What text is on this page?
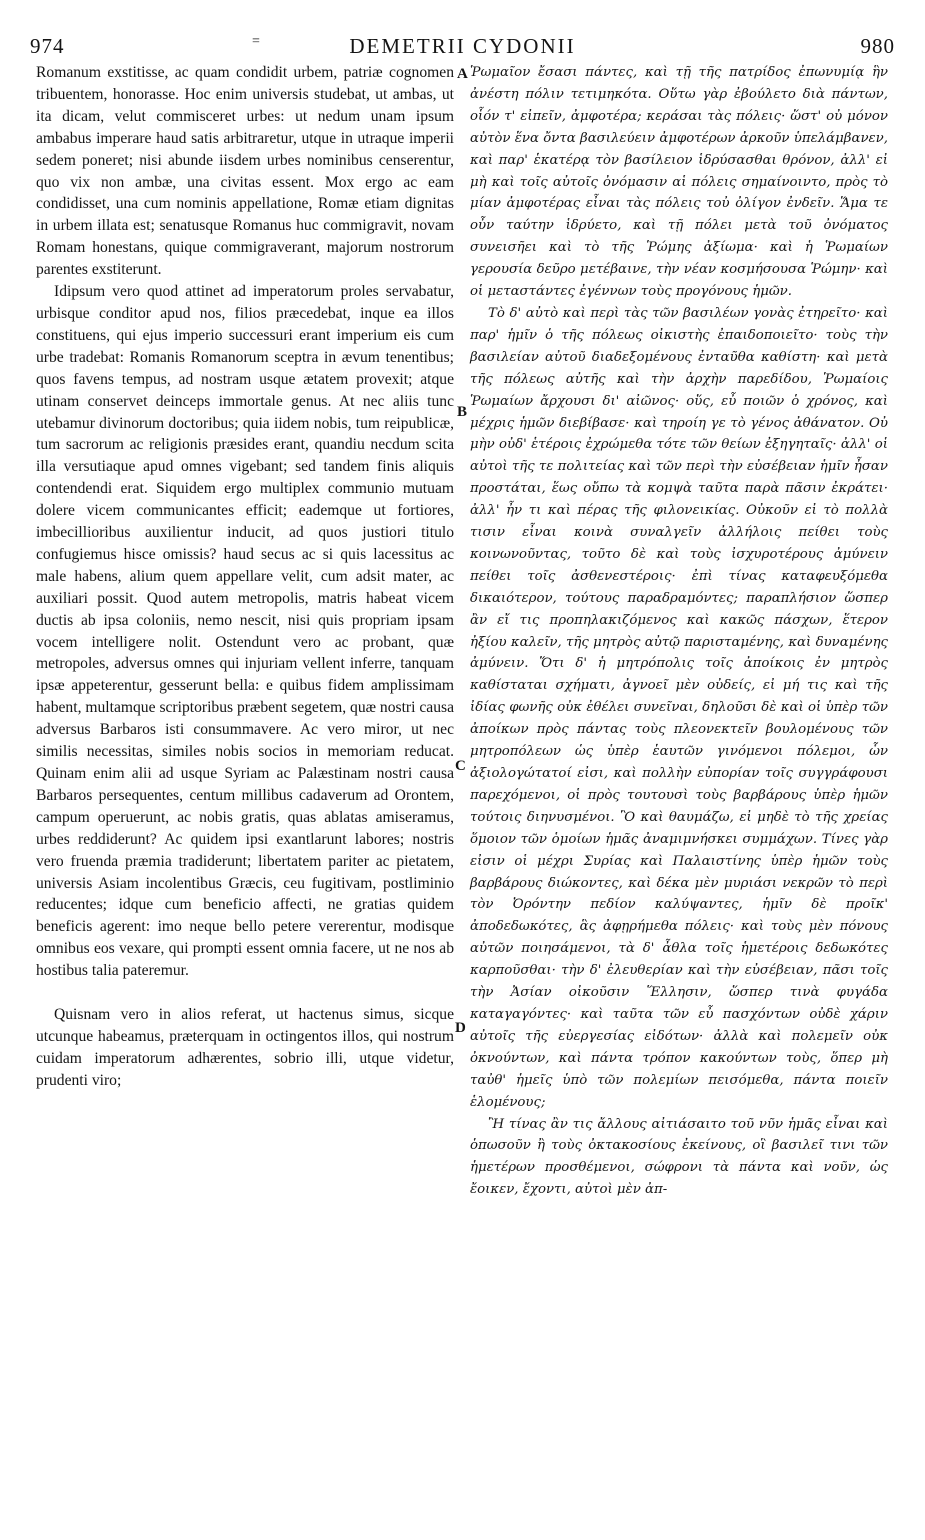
974	=	DEMETRII CYDONII	980

Romanum exstitisse, ac quam condidit urbem, patriæ cognomen tribuentem, honorasse. Hoc enim universis studebat, ut ambas, ut ita dicam, velut commisceret urbes: ut nedum unam ipsum ambabus imperare haud satis arbitraretur, utque in utraque imperii sedem poneret; nisi abunde iisdem urbes nominibus censerentur, quo vix non ambæ, una civitas essent. Mox ergo ac eam condidisset, una cum nominis appellatione, Romæ etiam dignitas in urbem illata est; senatusque Romanus huc commigravit, novam Romam honestans, quique commigraverant, majorum nostrorum parentes exstiterunt.

Idipsum vero quod attinet ad imperatorum proles servabatur, urbisque conditor apud nos, filios præcedebat, inque ea illos constituens, qui ejus imperio successuri erant imperium eis cum urbe tradebat: Romanis Romanorum sceptra in ævum tenentibus; quos favens tempus, ad nostram usque ætatem provexit; atque utinam conservet deinceps immortale genus. At nec aliis tunc utebamur divinorum doctoribus; quia iidem nobis, tum reipublicæ, tum sacrorum ac religionis præsides erant, quandiu necdum scita illa versutiaque apud omnes vigebant; sed tandem finis aliquis contendendi erat. Siquidem ergo multiplex communio mutuam dolere vicem communicantes efficit; eademque ut fortiores, imbecillioribus auxilientur inducit, ad quos justiori titulo confugiemus hisce omissis? haud secus ac si quis lacessitus ac male habens, alium quem appellare velit, cum adsit mater, ac auxiliari possit. Quod autem metropolis, matris habeat vicem ductis ab ipsa coloniis, nemo nescit, nisi quis propriam ipsam vocem intelligere nolit. Ostendunt vero ac probant, quæ metropoles, adversus omnes qui injuriam vellent inferre, tanquam ipsæ appeterentur, gesserunt bella: e quibus fidem amplissimam habent, multamque scriptoribus præbent segetem, quæ nostri causa adversus Barbaros isti consummavere. Ac vero miror, ut nec similis necessitas, similes nobis socios in memoriam reducat. Quinam enim alii ad usque Syriam ac Palæstinam nostri causa Barbaros persequentes, centum millibus cadaverum ad Orontem, campum operuerunt, ac nobis gratis, quas ablatas amiseramus, urbes reddiderunt? Ac quidem ipsi exantlarunt labores; nostris vero fruenda præmia tradiderunt; libertatem pariter ac pietatem, universis Asiam incolentibus Græcis, ceu fugitivam, postliminio reducentes; idque cum beneficio affecti, ne gratias quidem beneficis agerent: imo neque bello petere vererentur, modisque omnibus eos vexare, qui prompti essent omnia facere, ut ne nos ab hostibus talia pateremur.

Quisnam vero in alios referat, ut hactenus simus, sicque utcunque habeamus, præterquam in octingentos illos, qui nostrum cuidam imperatorum adhærentes, sobrio illi, utque videtur, prudenti viro;

A
B
C
D

Ῥωμαῖον ἔσασι πάντες, καὶ τῇ τῆς πατρίδος ἐπωνυμίᾳ ἣν ἀνέστη πόλιν τετιμηκότα. Οὕτω γὰρ ἐβούλετο διὰ πάντων, οἷόν τ' εἰπεῖν, ἀμφοτέρα; κεράσαι τὰς πόλεις· ὥστ' οὐ μόνον αὐτὸν ἕνα ὄντα βασιλεύειν ἀμφοτέρων ἀρκοῦν ὑπελάμβανεν, καὶ παρ' ἑκατέρᾳ τὸν βασίλειον ἱδρύσασθαι θρόνον, ἀλλ' εἰ μὴ καὶ τοῖς αὐτοῖς ὀνόμασιν αἱ πόλεις σημαίνοιντο, πρὸς τὸ μίαν ἀμφοτέρας εἶναι τὰς πόλεις τοὐ ὀλίγον ἐνδεῖν. Ἅμα τε οὖν ταύτην ἱδρύετο, καὶ τῇ πόλει μετὰ τοῦ ὀνόματος συνεισῆει καὶ τὸ τῆς Ῥώμης ἀξίωμα· καὶ ἡ Ῥωμαίων γερουσία δεῦρο μετέβαινε, τὴν νέαν κοσμήσουσα Ῥώμην· καὶ οἱ μεταστάντες ἐγέννων τοὺς προγόνους ἡμῶν.

Τὸ δ' αὐτὸ καὶ περὶ τὰς τῶν βασιλέων γονὰς ἐτηρεῖτο· καὶ παρ' ἡμῖν ὁ τῆς πόλεως οἰκιστὴς ἐπαιδοποιεῖτο· τοὺς τὴν βασιλείαν αὐτοῦ διαδεξομένους ἐνταῦθα καθίστη· καὶ μετὰ τῆς πόλεως αὐτῆς καὶ τὴν ἀρχὴν παρεδίδου, Ῥωμαίοις Ῥωμαίων ἄρχουσι δι' αἰῶνος· οὕς, εὖ ποιῶν ὁ χρόνος, καὶ μέχρις ἡμῶν διεβίβασε· καὶ τηροίη γε τὸ γένος ἀθάνατον. Οὐ μὴν οὐδ' ἑτέροις ἐχρώμεθα τότε τῶν θείων ἐξηγηταῖς· ἀλλ' οἱ αὐτοὶ τῆς τε πολιτείας καὶ τῶν περὶ τὴν εὐσέβειαν ἡμῖν ἦσαν προστάται, ἕως οὔπω τὰ κομψὰ ταῦτα παρὰ πᾶσιν ἐκράτει· ἀλλ' ἦν τι καὶ πέρας τῆς φιλονεικίας. Οὐκοῦν εἰ τὸ πολλὰ τισιν εἶναι κοινὰ συναλγεῖν ἀλλήλοις πείθει τοὺς κοινωνοῦντας, τοῦτο δὲ καὶ τοὺς ἰσχυροτέρους ἀμύνειν πείθει τοῖς ἀσθενεστέροις· ἐπὶ τίνας καταφευξόμεθα δικαιότερον, τούτους παραδραμόντες; παραπλήσιον ὥσπερ ἂν εἴ τις προπηλακιζόμενος καὶ κακῶς πάσχων, ἕτερον ἠξίου καλεῖν, τῆς μητρὸς αὐτῷ παρισταμένης, καὶ δυναμένης ἀμύνειν. Ὅτι δ' ἡ μητρόπολις τοῖς ἀποίκοις ἐν μητρὸς καθίσταται σχήματι, ἀγνοεῖ μὲν οὐδείς, εἰ μή τις καὶ τῆς ἰδίας φωνῆς οὐκ ἐθέλει συνεῖναι, δηλοῦσι δὲ καὶ οἱ ὑπὲρ τῶν ἀποίκων πρὸς πάντας τοὺς πλεονεκτεῖν βουλομένους τῶν μητροπόλεων ὡς ὑπὲρ ἑαυτῶν γινόμενοι πόλεμοι, ὧν ἀξιολογώτατοί εἰσι, καὶ πολλὴν εὐπορίαν τοῖς συγγράφουσι παρεχόμενοι, οἱ πρὸς τουτουσὶ τοὺς βαρβάρους ὑπὲρ ἡμῶν τούτοις διηνυσμένοι. Ὃ καὶ θαυμάζω, εἰ μηδὲ τὸ τῆς χρείας ὅμοιον τῶν ὁμοίων ἡμᾶς ἀναμιμνήσκει συμμάχων. Τίνες γὰρ εἰσιν οἱ μέχρι Συρίας καὶ Παλαιστίνης ὑπὲρ ἡμῶν τοὺς βαρβάρους διώκοντες, καὶ δέκα μὲν μυριάσι νεκρῶν τὸ περὶ τὸν Ὀρόντην πεδίον καλύψαντες, ἡμῖν δὲ προῖκ' ἀποδεδωκότες, ἃς ἀφῃρήμεθα πόλεις· καὶ τοὺς μὲν πόνους αὐτῶν ποιησάμενοι, τὰ δ' ἆθλα τοῖς ἡμετέροις δεδωκότες καρποῦσθαι· τὴν δ' ἐλευθερίαν καὶ τὴν εὐσέβειαν, πᾶσι τοῖς τὴν Ἀσίαν οἰκοῦσιν Ἕλλησιν, ὥσπερ τινὰ φυγάδα καταγαγόντες· καὶ ταῦτα τῶν εὖ πασχόντων οὐδὲ χάριν αὐτοῖς τῆς εὐεργεσίας εἰδότων· ἀλλὰ καὶ πολεμεῖν οὐκ ὀκνούντων, καὶ πάντα τρόπον κακούντων τοὺς, ὅπερ μὴ ταὐθ' ἡμεῖς ὑπὸ τῶν πολεμίων πεισόμεθα, πάντα ποιεῖν ἑλομένους;

Ἢ τίνας ἂν τις ἄλλους αἰτιάσαιτο τοῦ νῦν ἡμᾶς εἶναι καὶ ὁπωσοῦν ἢ τοὺς ὀκτακοσίους ἐκείνους, οἳ βασιλεῖ τινι τῶν ἡμετέρων προσθέμενοι, σώφρονι τὰ πάντα καὶ νοῦν, ὡς ἔοικεν, ἔχοντι, αὐτοὶ μὲν ἀπ-
